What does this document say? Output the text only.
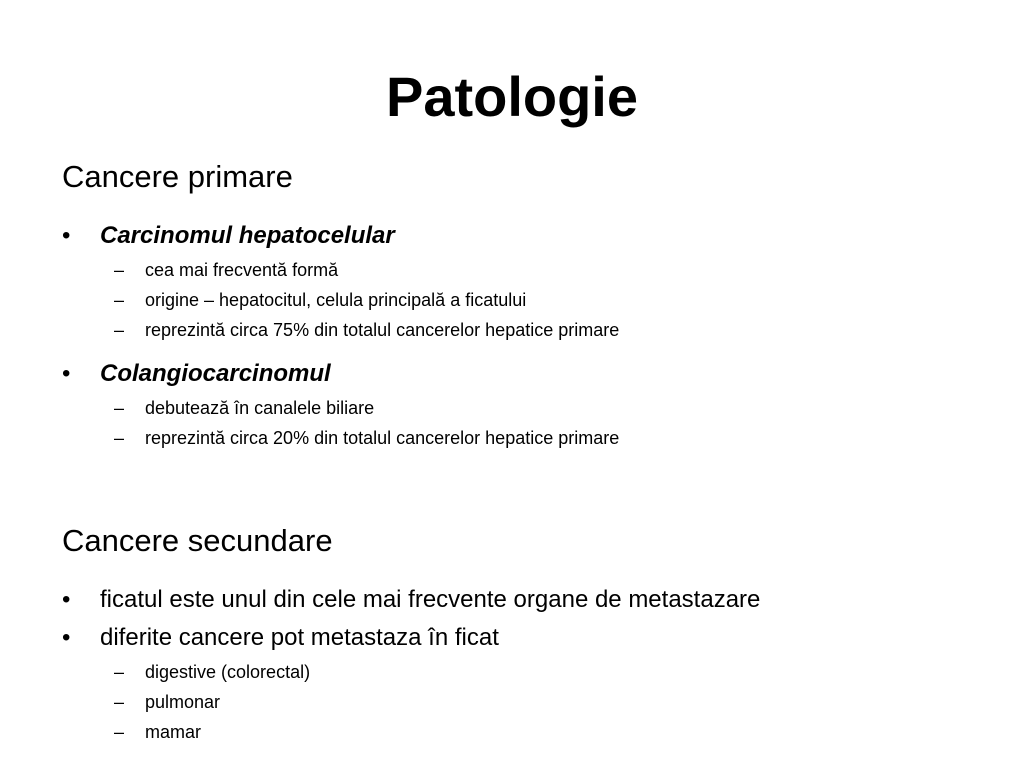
Patologie
Cancere primare
• Carcinomul hepatocelular
– cea mai frecventă formă
– origine – hepatocitul, celula principală a ficatului
– reprezintă circa 75% din totalul cancerelor hepatice primare
• Colangiocarcinomul
– debutează în canalele biliare
– reprezintă circa 20% din totalul cancerelor hepatice primare
Cancere secundare
• ficatul este unul din cele mai frecvente organe de metastazare
• diferite cancere pot metastaza în ficat
– digestive (colorectal)
– pulmonar
– mamar
